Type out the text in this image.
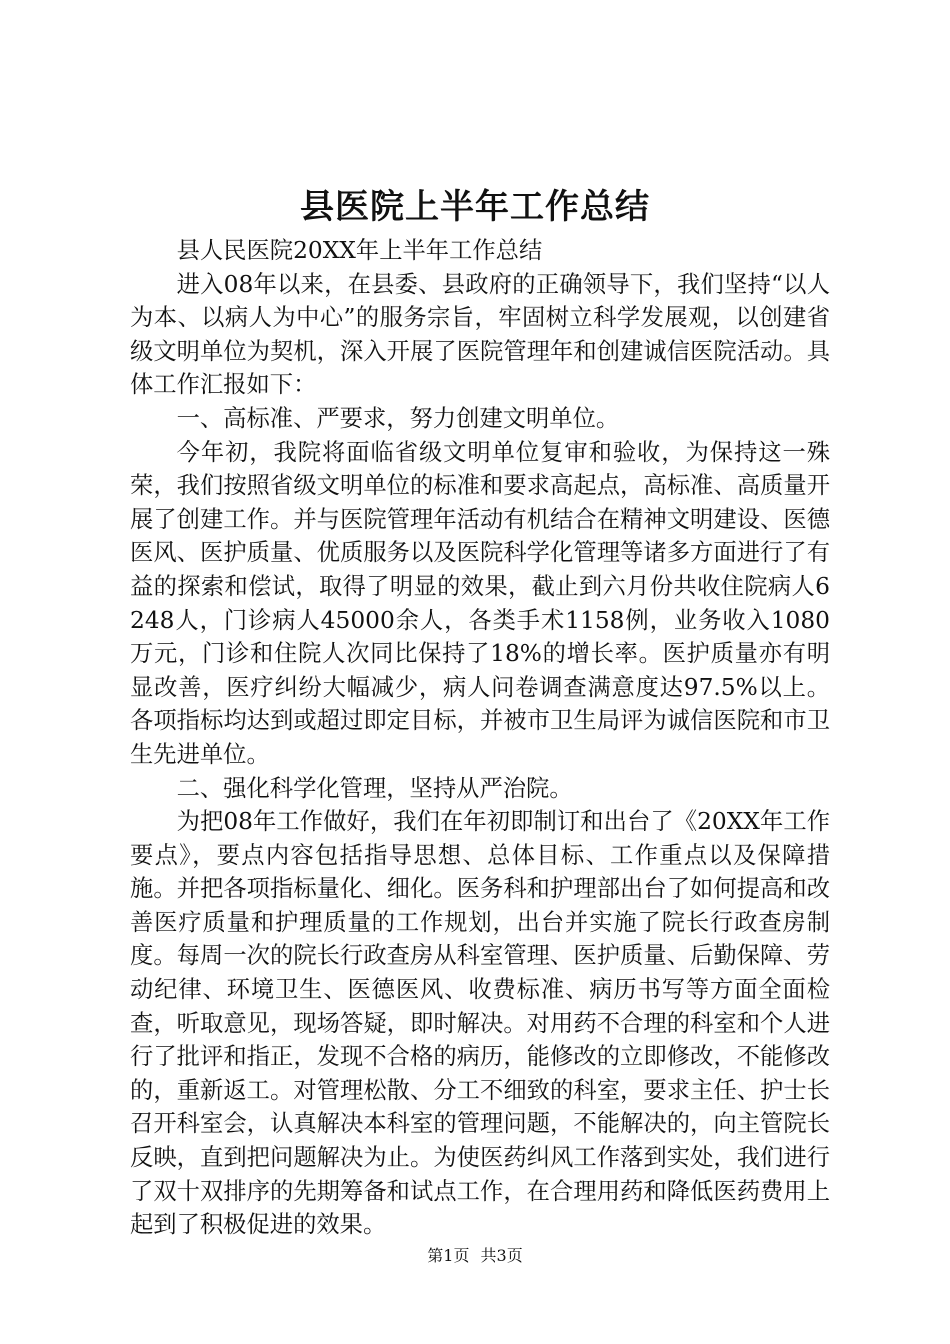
县医院上半年工作总结

县人民医院20XX年上半年工作总结

进入08年以来，在县委、县政府的正确领导下，我们坚持“以人为本、以病人为中心”的服务宗旨，牢固树立科学发展观，以创建省级文明单位为契机，深入开展了医院管理年和创建诚信医院活动。具体工作汇报如下：

一、高标准、严要求，努力创建文明单位。

今年初，我院将面临省级文明单位复审和验收，为保持这一殊荣，我们按照省级文明单位的标准和要求高起点，高标准、高质量开展了创建工作。并与医院管理年活动有机结合在精神文明建设、医德医风、医护质量、优质服务以及医院科学化管理等诸多方面进行了有益的探索和偿试，取得了明显的效果，截止到六月份共收住院病人6248人，门诊病人45000余人，各类手术1158例，业务收入1080万元，门诊和住院人次同比保持了18%的增长率。医护质量亦有明显改善，医疗纠纷大幅减少，病人问卷调查满意度达97.5%以上。各项指标均达到或超过即定目标，并被市卫生局评为诚信医院和市卫生先进单位。

二、强化科学化管理，坚持从严治院。

为把08年工作做好，我们在年初即制订和出台了《20XX年工作要点》，要点内容包括指导思想、总体目标、工作重点以及保障措施。并把各项指标量化、细化。医务科和护理部出台了如何提高和改善医疗质量和护理质量的工作规划，出台并实施了院长行政查房制度。每周一次的院长行政查房从科室管理、医护质量、后勤保障、劳动纪律、环境卫生、医德医风、收费标准、病历书写等方面全面检查，听取意见，现场答疑，即时解决。对用药不合理的科室和个人进行了批评和指正，发现不合格的病历，能修改的立即修改，不能修改的，重新返工。对管理松散、分工不细致的科室，要求主任、护士长召开科室会，认真解决本科室的管理问题，不能解决的，向主管院长反映，直到把问题解决为止。为使医药纠风工作落到实处，我们进行了双十双排序的先期筹备和试点工作，在合理用药和降低医药费用上起到了积极促进的效果。

第1页 共3页
